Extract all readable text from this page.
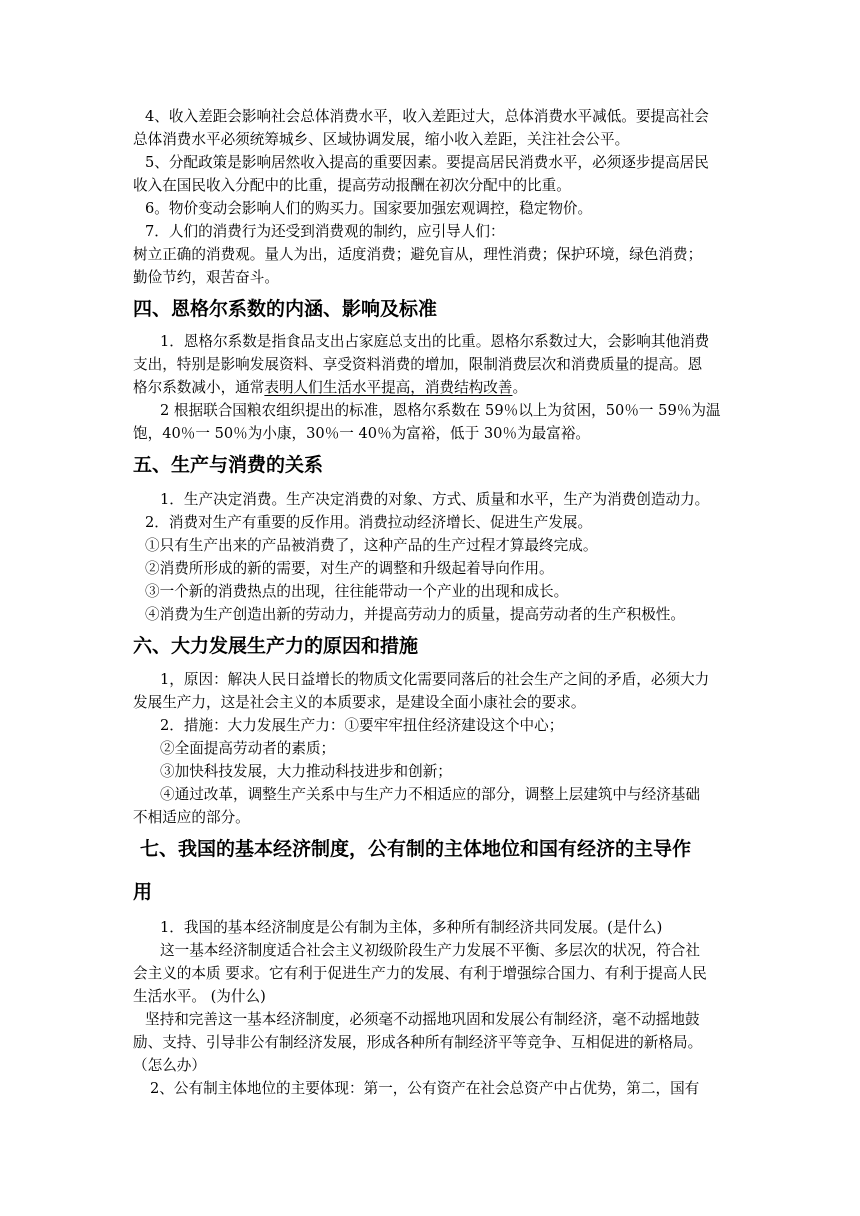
4、收入差距会影响社会总体消费水平，收入差距过大，总体消费水平减低。要提高社会
总体消费水平必须统筹城乡、区域协调发展，缩小收入差距，关注社会公平。
5、分配政策是影响居然收入提高的重要因素。要提高居民消费水平，必须逐步提高居民
收入在国民收入分配中的比重，提高劳动报酬在初次分配中的比重。
6。物价变动会影响人们的购买力。国家要加强宏观调控，稳定物价。
7．人们的消费行为还受到消费观的制约，应引导人们：
树立正确的消费观。量人为出，适度消费；避免盲从，理性消费；保护环境，绿色消费；
勤俭节约，艰苦奋斗。
四、恩格尔系数的内涵、影响及标准
1．恩格尔系数是指食品支出占家庭总支出的比重。恩格尔系数过大，会影响其他消费
支出，特别是影响发展资料、享受资料消费的增加，限制消费层次和消费质量的提高。恩
格尔系数减小，通常表明人们生活水平提高，消费结构改善。
2 根据联合国粮农组织提出的标准，恩格尔系数在 59％以上为贫困，50％一 59％为温
饱，40％一 50％为小康，30％一 40％为富裕，低于 30％为最富裕。
五、生产与消费的关系
1．生产决定消费。生产决定消费的对象、方式、质量和水平，生产为消费创造动力。
2．消费对生产有重要的反作用。消费拉动经济增长、促进生产发展。
①只有生产出来的产品被消费了，这种产品的生产过程才算最终完成。
②消费所形成的新的需要，对生产的调整和升级起着导向作用。
③一个新的消费热点的出现，往往能带动一个产业的出现和成长。
④消费为生产创造出新的劳动力，并提高劳动力的质量，提高劳动者的生产积极性。
六、大力发展生产力的原因和措施
1，原因：解决人民日益增长的物质文化需要同落后的社会生产之间的矛盾，必须大力
发展生产力，这是社会主义的本质要求，是建设全面小康社会的要求。
2．措施：大力发展生产力：①要牢牢扭住经济建设这个中心；
②全面提高劳动者的素质；
③加快科技发展，大力推动科技进步和创新；
④通过改革，调整生产关系中与生产力不相适应的部分，调整上层建筑中与经济基础
不相适应的部分。
七、我国的基本经济制度，公有制的主体地位和国有经济的主导作
用
1．我国的基本经济制度是公有制为主体，多种所有制经济共同发展。(是什么)
这一基本经济制度适合社会主义初级阶段生产力发展不平衡、多层次的状况，符合社
会主义的本质 要求。它有利于促进生产力的发展、有利于增强综合国力、有利于提高人民
生活水平。 (为什么)
坚持和完善这一基本经济制度，必须毫不动摇地巩固和发展公有制经济，毫不动摇地鼓
励、支持、引导非公有制经济发展，形成各种所有制经济平等竞争、互相促进的新格局。
（怎么办）
2、公有制主体地位的主要体现：第一，公有资产在社会总资产中占优势，第二，国有
